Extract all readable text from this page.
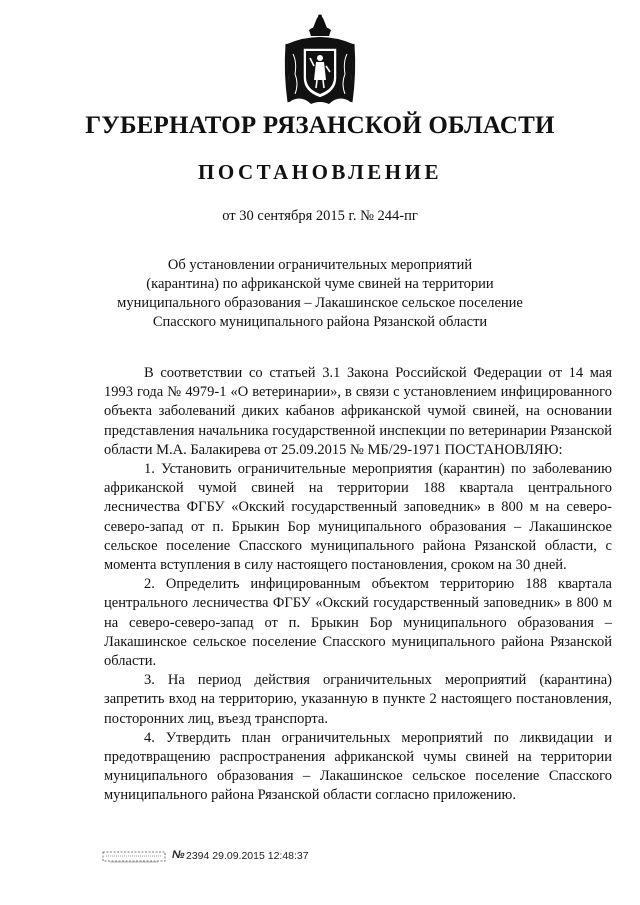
ГУБЕРНАТОР РЯЗАНСКОЙ ОБЛАСТИ
ПОСТАНОВЛЕНИЕ
от 30 сентября 2015 г. № 244-пг
Об установлении ограничительных мероприятий
(карантина) по африканской чуме свиней на территории
муниципального образования – Лакашинское сельское поселение
Спасского муниципального района Рязанской области

В соответствии со статьей 3.1 Закона Российской Федерации от 14 мая 1993 года № 4979-1 «О ветеринарии», в связи с установлением инфицированного объекта заболеваний диких кабанов африканской чумой свиней, на основании представления начальника государственной инспекции по ветеринарии Рязанской области М.А. Балакирева от 25.09.2015 № МБ/29-1971 ПОСТАНОВЛЯЮ:

1. Установить ограничительные мероприятия (карантин) по заболеванию африканской чумой свиней на территории 188 квартала центрального лесничества ФГБУ «Окский государственный заповедник» в 800 м на северо-северо-запад от п. Брыкин Бор муниципального образования – Лакашинское сельское поселение Спасского муниципального района Рязанской области, с момента вступления в силу настоящего постановления, сроком на 30 дней.

2. Определить инфицированным объектом территорию 188 квартала центрального лесничества ФГБУ «Окский государственный заповедник» в 800 м на северо-северо-запад от п. Брыкин Бор муниципального образования – Лакашинское сельское поселение Спасского муниципального района Рязанской области.

3. На период действия ограничительных мероприятий (карантина) запретить вход на территорию, указанную в пункте 2 настоящего постановления, посторонних лиц, въезд транспорта.

4. Утвердить план ограничительных мероприятий по ликвидации и предотвращению распространения африканской чумы свиней на территории муниципального образования – Лакашинское сельское поселение Спасского муниципального района Рязанской области согласно приложению.

№ 2394 29.09.2015 12:48:37
